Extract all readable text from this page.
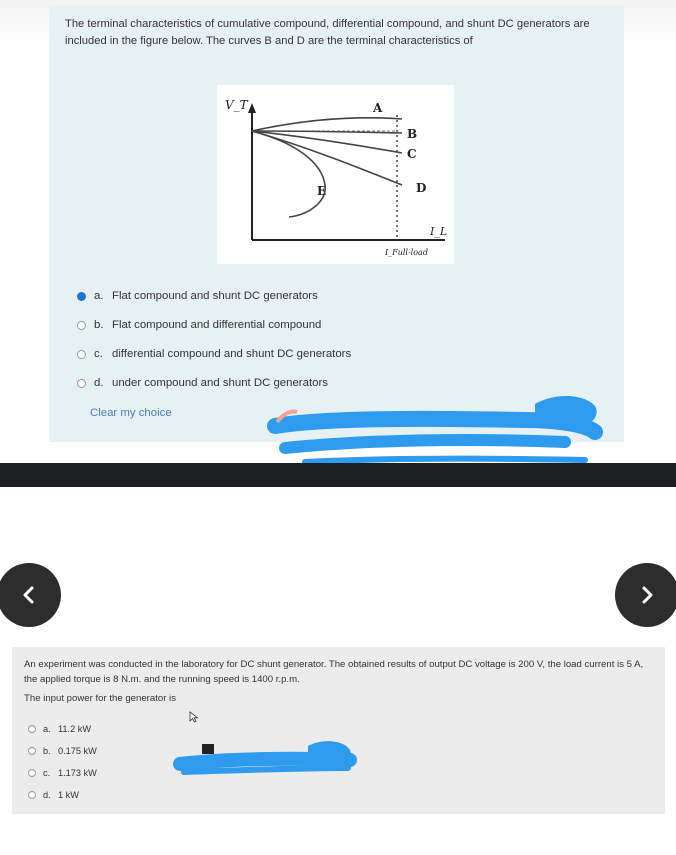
The terminal characteristics of cumulative compound, differential compound, and shunt DC generators are included in the figure below. The curves B and D are the terminal characteristics of
V_T	A
B
C
D
E
I_L
I_Full-load
a. Flat compound and shunt DC generators
b. Flat compound and differential compound
c. differential compound and shunt DC generators
d. under compound and shunt DC generators
Clear my choice
An experiment was conducted in the laboratory for DC shunt generator. The obtained results of output DC voltage is 200 V, the load current is 5 A, the applied torque is 8 N.m. and the running speed is 1400 r.p.m.
The input power for the generator is
a. 11.2 kW
b. 0.175 kW
c. 1.173 kW
d. 1 kW
